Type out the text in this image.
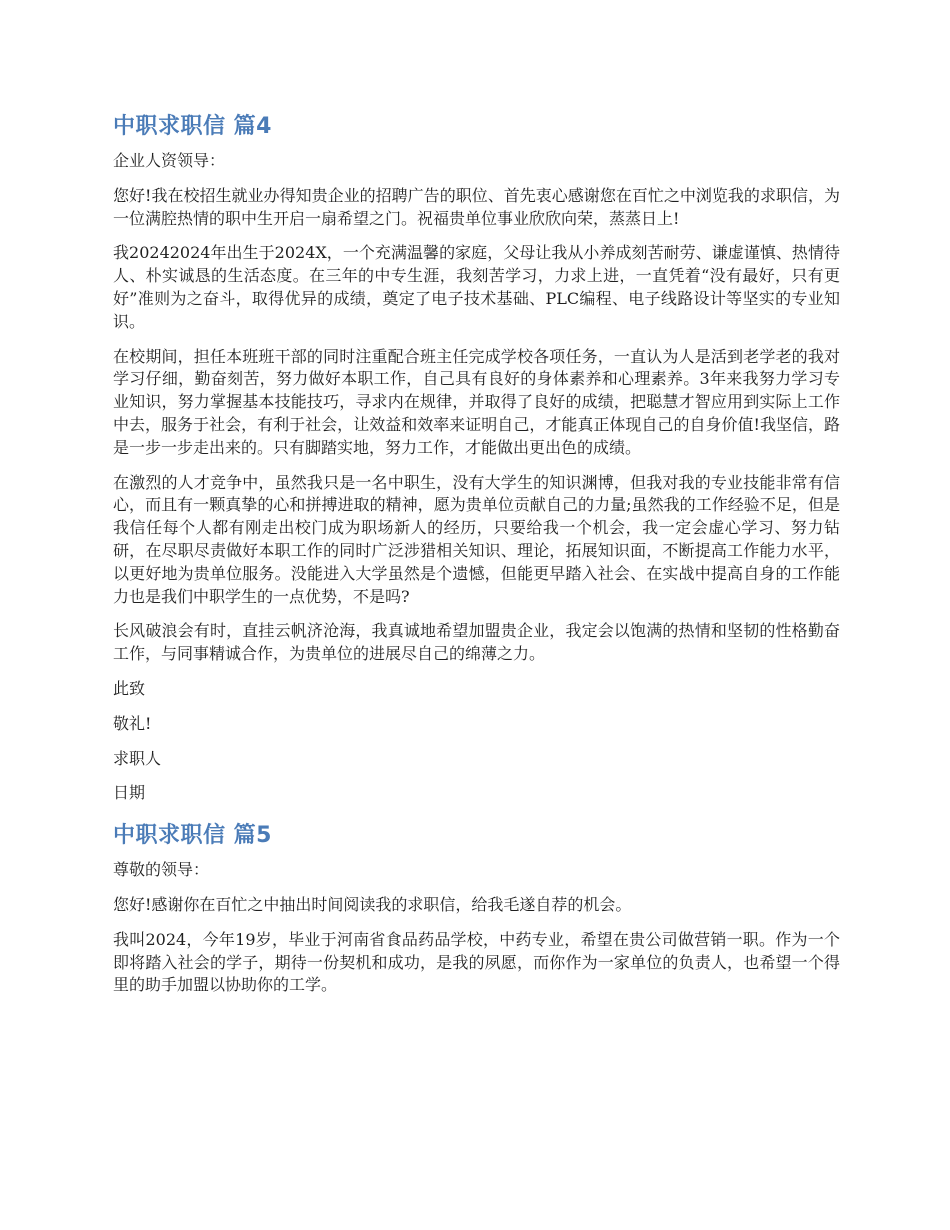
中职求职信 篇4

企业人资领导：

您好!我在校招生就业办得知贵企业的招聘广告的职位、首先衷心感谢您在百忙之中浏览我的求职信，为一位满腔热情的职中生开启一扇希望之门。祝福贵单位事业欣欣向荣，蒸蒸日上!

我20242024年出生于2024X，一个充满温馨的家庭，父母让我从小养成刻苦耐劳、谦虚谨慎、热情待人、朴实诚恳的生活态度。在三年的中专生涯，我刻苦学习，力求上进，一直凭着“没有最好，只有更好”准则为之奋斗，取得优异的成绩，奠定了电子技术基础、PLC编程、电子线路设计等坚实的专业知识。

在校期间，担任本班班干部的同时注重配合班主任完成学校各项任务，一直认为人是活到老学老的我对学习仔细，勤奋刻苦，努力做好本职工作，自己具有良好的身体素养和心理素养。3年来我努力学习专业知识，努力掌握基本技能技巧，寻求内在规律，并取得了良好的成绩，把聪慧才智应用到实际上工作中去，服务于社会，有利于社会，让效益和效率来证明自己，才能真正体现自己的自身价值!我坚信，路是一步一步走出来的。只有脚踏实地，努力工作，才能做出更出色的成绩。

在激烈的人才竞争中，虽然我只是一名中职生，没有大学生的知识渊博，但我对我的专业技能非常有信心，而且有一颗真挚的心和拼搏进取的精神，愿为贵单位贡献自己的力量;虽然我的工作经验不足，但是我信任每个人都有刚走出校门成为职场新人的经历，只要给我一个机会，我一定会虚心学习、努力钻研，在尽职尽责做好本职工作的同时广泛涉猎相关知识、理论，拓展知识面，不断提高工作能力水平，以更好地为贵单位服务。没能进入大学虽然是个遗憾，但能更早踏入社会、在实战中提高自身的工作能力也是我们中职学生的一点优势，不是吗?

长风破浪会有时，直挂云帆济沧海，我真诚地希望加盟贵企业，我定会以饱满的热情和坚韧的性格勤奋工作，与同事精诚合作，为贵单位的进展尽自己的绵薄之力。

此致

敬礼!

求职人

日期

中职求职信 篇5

尊敬的领导：

您好!感谢你在百忙之中抽出时间阅读我的求职信，给我毛遂自荐的机会。

我叫2024，今年19岁，毕业于河南省食品药品学校，中药专业，希望在贵公司做营销一职。作为一个即将踏入社会的学子，期待一份契机和成功，是我的夙愿，而你作为一家单位的负责人，也希望一个得里的助手加盟以协助你的工学。
